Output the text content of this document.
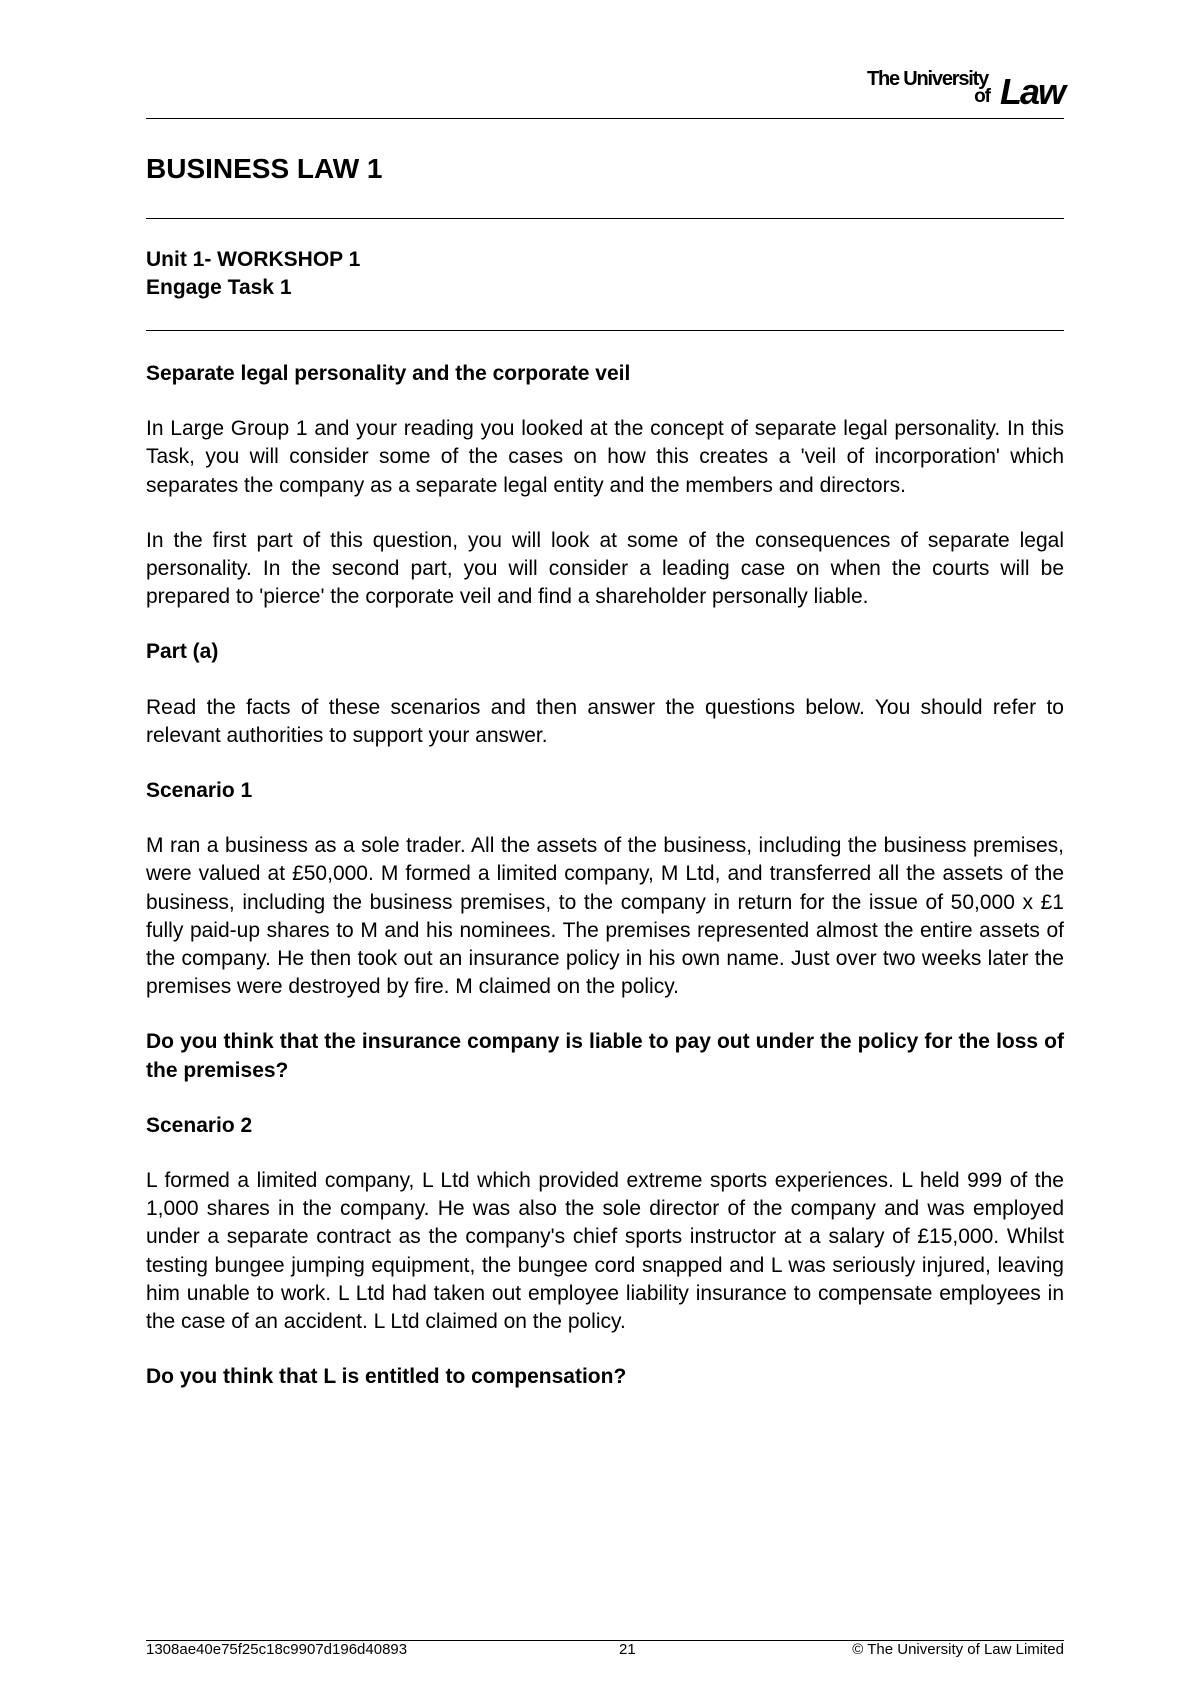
The University
of Law
BUSINESS LAW 1
Unit 1- WORKSHOP 1
Engage Task 1

Separate legal personality and the corporate veil

In Large Group 1 and your reading you looked at the concept of separate legal personality. In this Task, you will consider some of the cases on how this creates a 'veil of incorporation' which separates the company as a separate legal entity and the members and directors.

In the first part of this question, you will look at some of the consequences of separate legal personality. In the second part, you will consider a leading case on when the courts will be prepared to 'pierce' the corporate veil and find a shareholder personally liable.

Part (a)

Read the facts of these scenarios and then answer the questions below. You should refer to relevant authorities to support your answer.

Scenario 1

M ran a business as a sole trader. All the assets of the business, including the business premises, were valued at £50,000. M formed a limited company, M Ltd, and transferred all the assets of the business, including the business premises, to the company in return for the issue of 50,000 x £1 fully paid-up shares to M and his nominees. The premises represented almost the entire assets of the company. He then took out an insurance policy in his own name. Just over two weeks later the premises were destroyed by fire. M claimed on the policy.

Do you think that the insurance company is liable to pay out under the policy for the loss of the premises?

Scenario 2

L formed a limited company, L Ltd which provided extreme sports experiences. L held 999 of the 1,000 shares in the company. He was also the sole director of the company and was employed under a separate contract as the company's chief sports instructor at a salary of £15,000. Whilst testing bungee jumping equipment, the bungee cord snapped and L was seriously injured, leaving him unable to work. L Ltd had taken out employee liability insurance to compensate employees in the case of an accident. L Ltd claimed on the policy.

Do you think that L is entitled to compensation?

1308ae40e75f25c18c9907d196d40893	21	© The University of Law Limited
